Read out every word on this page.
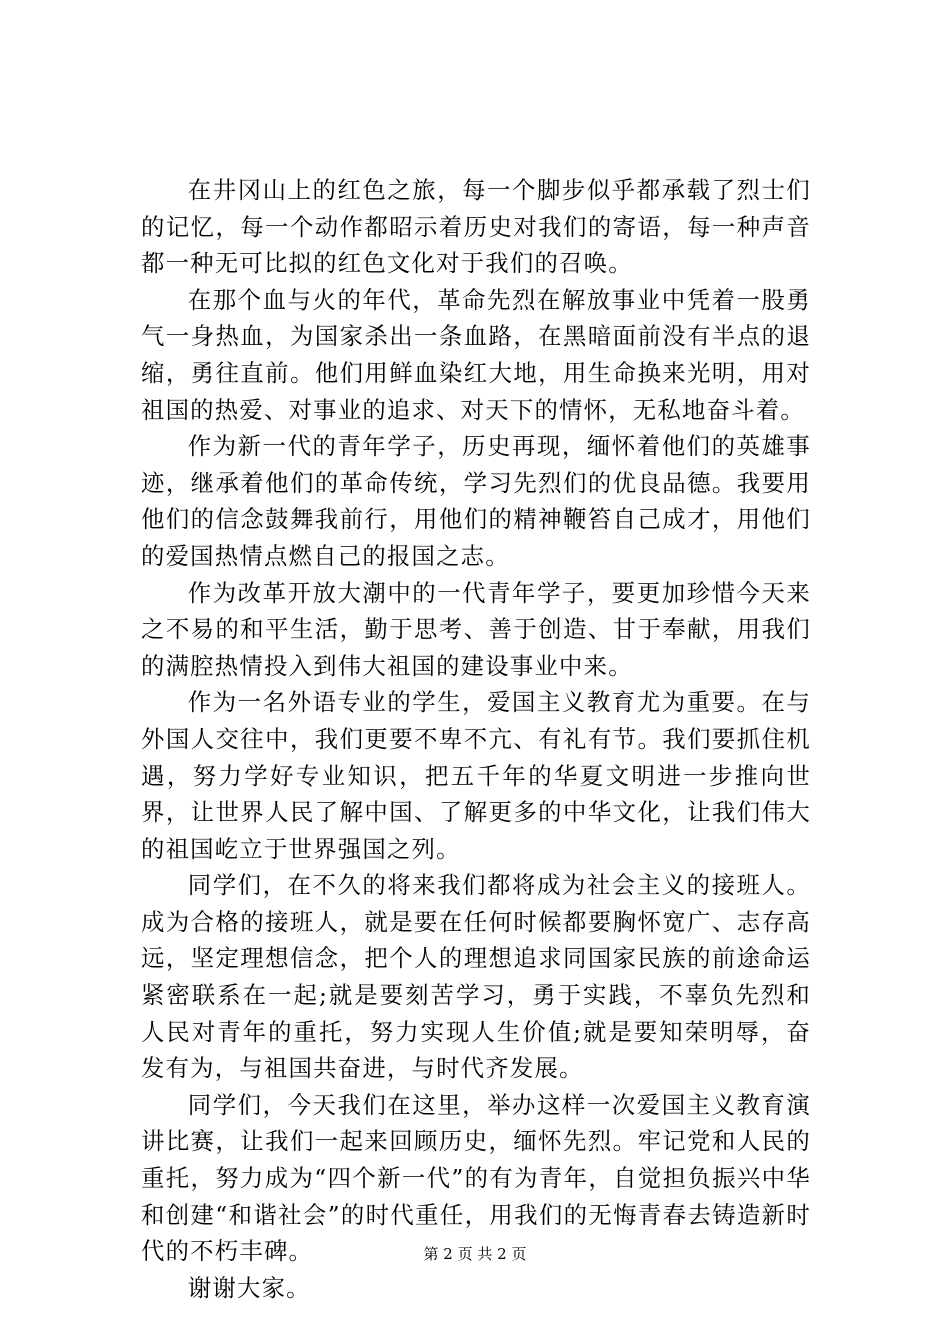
在井冈山上的红色之旅，每一个脚步似乎都承载了烈士们的记忆，每一个动作都昭示着历史对我们的寄语，每一种声音都一种无可比拟的红色文化对于我们的召唤。

在那个血与火的年代，革命先烈在解放事业中凭着一股勇气一身热血，为国家杀出一条血路，在黑暗面前没有半点的退缩，勇往直前。他们用鲜血染红大地，用生命换来光明，用对祖国的热爱、对事业的追求、对天下的情怀，无私地奋斗着。

作为新一代的青年学子，历史再现，缅怀着他们的英雄事迹，继承着他们的革命传统，学习先烈们的优良品德。我要用他们的信念鼓舞我前行，用他们的精神鞭笞自己成才，用他们的爱国热情点燃自己的报国之志。

作为改革开放大潮中的一代青年学子，要更加珍惜今天来之不易的和平生活，勤于思考、善于创造、甘于奉献，用我们的满腔热情投入到伟大祖国的建设事业中来。

作为一名外语专业的学生，爱国主义教育尤为重要。在与外国人交往中，我们更要不卑不亢、有礼有节。我们要抓住机遇，努力学好专业知识，把五千年的华夏文明进一步推向世界，让世界人民了解中国、了解更多的中华文化，让我们伟大的祖国屹立于世界强国之列。

同学们，在不久的将来我们都将成为社会主义的接班人。成为合格的接班人，就是要在任何时候都要胸怀宽广、志存高远，坚定理想信念，把个人的理想追求同国家民族的前途命运紧密联系在一起;就是要刻苦学习，勇于实践，不辜负先烈和人民对青年的重托，努力实现人生价值;就是要知荣明辱，奋发有为，与祖国共奋进，与时代齐发展。

同学们，今天我们在这里，举办这样一次爱国主义教育演讲比赛，让我们一起来回顾历史，缅怀先烈。牢记党和人民的重托，努力成为“四个新一代”的有为青年，自觉担负振兴中华和创建“和谐社会”的时代重任，用我们的无悔青春去铸造新时代的不朽丰碑。

谢谢大家。

第 2 页 共 2 页
